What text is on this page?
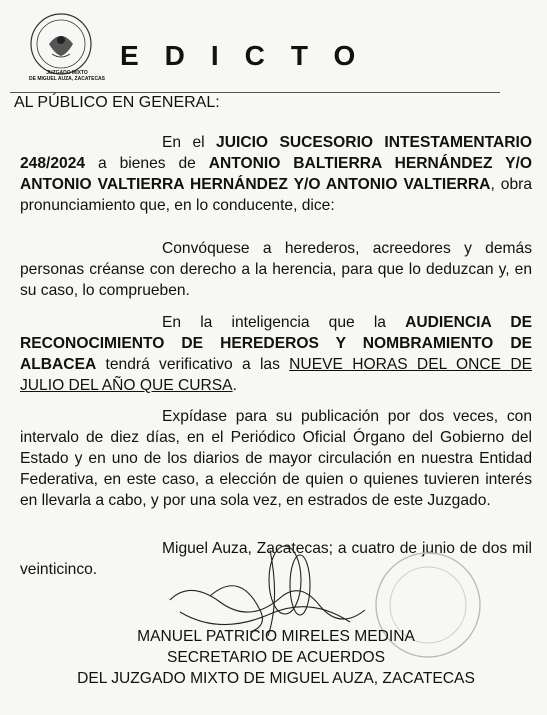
JUZGADO MIXTO
DE MIGUEL AUZA, ZACATECAS
EDICTO
AL PÚBLICO EN GENERAL:
En el JUICIO SUCESORIO INTESTAMENTARIO 248/2024 a bienes de ANTONIO BALTIERRA HERNÁNDEZ Y/O ANTONIO VALTIERRA HERNÁNDEZ Y/O ANTONIO VALTIERRA, obra pronunciamiento que, en lo conducente, dice:
Convóquese a herederos, acreedores y demás personas créanse con derecho a la herencia, para que lo deduzcan y, en su caso, lo comprueben.
En la inteligencia que la AUDIENCIA DE RECONOCIMIENTO DE HEREDEROS Y NOMBRAMIENTO DE ALBACEA tendrá verificativo a las NUEVE HORAS DEL ONCE DE JULIO DEL AÑO QUE CURSA.
Expídase para su publicación por dos veces, con intervalo de diez días, en el Periódico Oficial Órgano del Gobierno del Estado y en uno de los diarios de mayor circulación en nuestra Entidad Federativa, en este caso, a elección de quien o quienes tuvieren interés en llevarla a cabo, y por una sola vez, en estrados de este Juzgado.
Miguel Auza, Zacatecas; a cuatro de junio de dos mil veinticinco.
MANUEL PATRICIO MIRELES MEDINA
SECRETARIO DE ACUERDOS
DEL JUZGADO MIXTO DE MIGUEL AUZA, ZACATECAS
